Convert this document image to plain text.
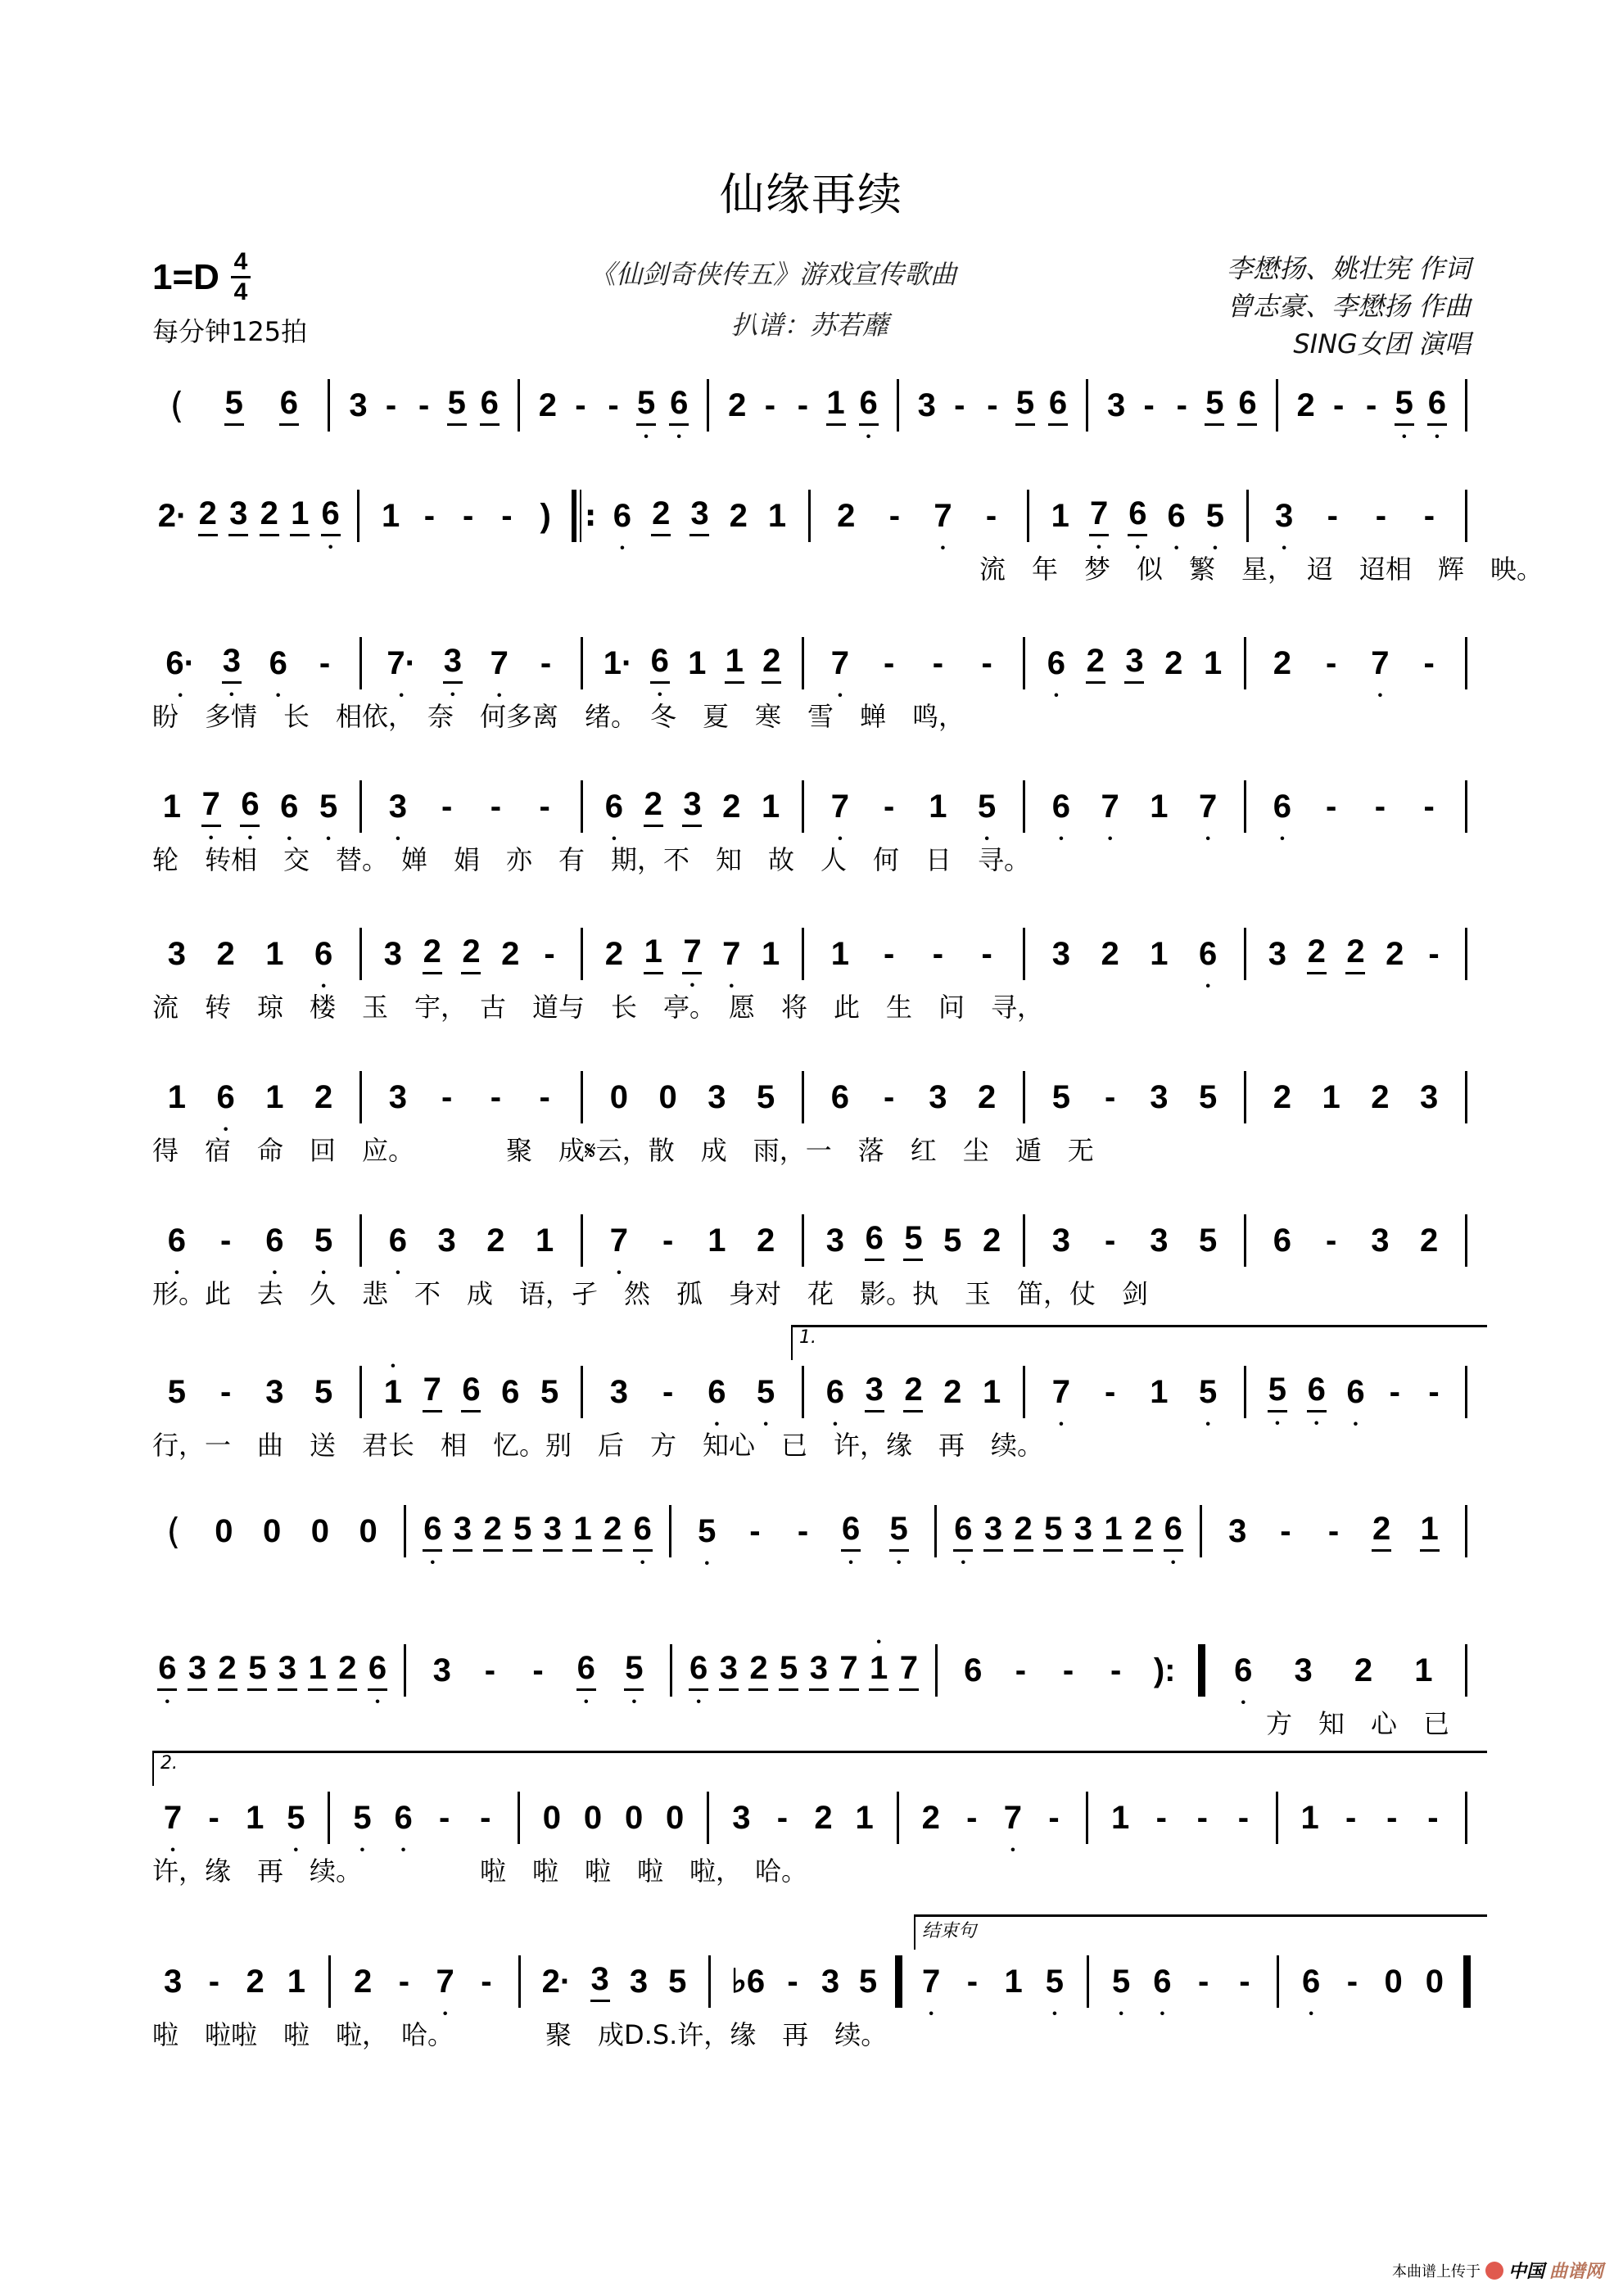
仙缘再续
$1=D \frac{4}{4}$
每分钟125拍
《仙剑奇侠传五》游戏宣传歌曲
扒谱：苏若蘼
李懋扬、姚壮宪 作词
曾志豪、李懋扬 作曲
SING女团 演唱
( 5 6 3 - - 5 6 2 - - 5 • 6 • 2 - - 1 6 • 3 - - 5 6 3 - - 5 6 2 - - 5 • 6 •
2· 2 3 2 1 6 • 1 - - - ) : 6 • 2 3 2 1 2 - 7 • - 1 7 • 6 • 6 • 5 • 3 • - - -
流　年　梦　似　繁　星，　迢　迢相　辉　映。
6· • 3 • 6 • - 7· • 3 • 7 • - 1· 6 • 1 1 2 7 • - - - 6 • 2 3 2 1 2 - 7 • -
盼　多情　长　相依，　奈　何多离　绪。　冬　夏　寒　雪　蝉　鸣，
1 7 • 6 • 6 • 5 • 3 • - - - 6 • 2 3 2 1 7 • - 1 5 • 6 • 7 • 1 7 • 6 • - - -
轮　转相　交　替。　婵　娟　亦　有　期，不　知　故　人　何　日　寻。
3 2 1 6 • 3 2 2 2 - 2 1 7 • 7 • 1 1 - - - 3 2 1 6 • 3 2 2 2 -
流　转　琼　楼　玉　宇，　古　道与　长　亭。　愿　将　此　生　问　寻，
1 6 • 1 2 3 - - - 0 0 3 5 6 - 3 2 5 - 3 5 2 1 2 3
得　宿　命　回　应。　　　　聚　成𝄋云，散　成　雨，一　落　红　尘　遁　无
6 • - 6 • 5 • 6 • 3 2 1 7 • - 1 2 3 6 5 5 2 3 - 3 5 6 - 3 2
形。此　去　久　悲　不　成　语，孑　然　孤　身对　花　影。执　玉　笛，仗　剑
1.
5 - 3 5 • 1 7 6 6 5 3 - 6 • 5 • 6 • 3 2 2 1 7 • - 1 5 • 5 • 6 • 6 • - -
行，一　曲　送　君长　相　忆。别　后　方　知心　已　许，缘　再　续。
( 0 0 0 0 6 • 3 2 5 3 1 2 6 • 5 • - - 6 • 5 • 6 • 3 2 5 3 1 2 6 • 3 - - 2 1
6 • 3 2 5 3 1 2 6 • 3 - - 6 • 5 • 6 • 3 2 5 3 7 • 1 7 6 - - - ): 6 • 3 2 1
方　知　心　已
2.
7 • - 1 5 • 5 • 6 • - - 0 0 0 0 3 - 2 1 2 - 7 • - 1 - - - 1 - - -
许，缘　再　续。　　　　　啦　啦　啦　啦　啦，　哈。
结束句
3 - 2 1 2 - 7 • - 2· 3 3 5 ♭6 - 3 5 7 • - 1 5 • 5 • 6 • - - 6 • - 0 0
啦　啦啦　啦　啦，　哈。　　　　聚　成D.S.许，缘　再　续。
本曲谱上传于 中国 曲谱网
